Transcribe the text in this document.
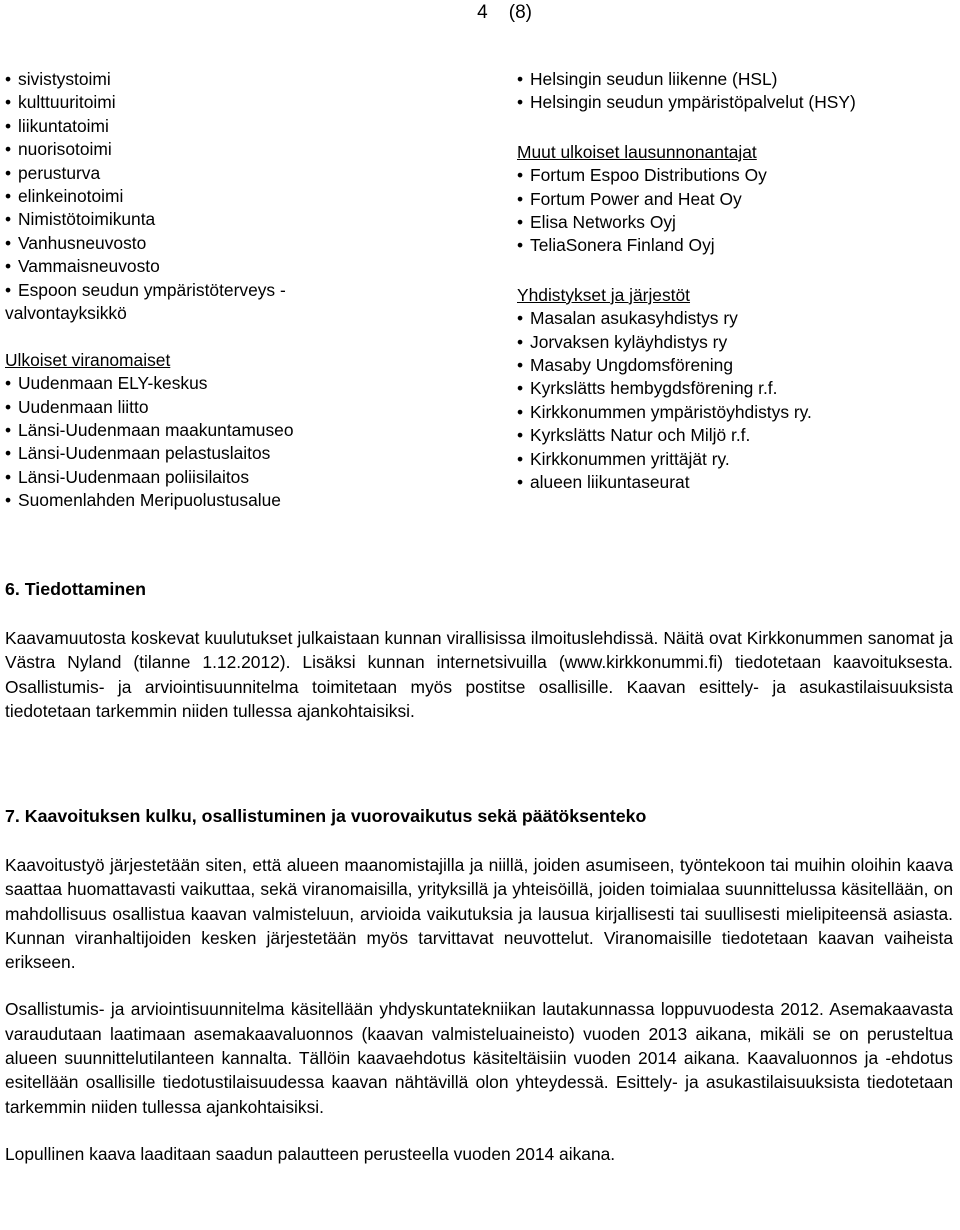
4    (8)
• sivistystoimi
• kulttuuritoimi
• liikuntatoimi
• nuorisotoimi
• perusturva
• elinkeinotoimi
• Nimistötoimikunta
• Vanhusneuvosto
• Vammaisneuvosto
• Espoon seudun ympäristöterveys -
valvontayksikkö
Ulkoiset viranomaiset
• Uudenmaan ELY-keskus
• Uudenmaan liitto
• Länsi-Uudenmaan maakuntamuseo
• Länsi-Uudenmaan pelastuslaitos
• Länsi-Uudenmaan poliisilaitos
• Suomenlahden Meripuolustusalue
• Helsingin seudun liikenne (HSL)
• Helsingin seudun ympäristöpalvelut (HSY)
Muut ulkoiset lausunnonantajat
• Fortum Espoo Distributions Oy
• Fortum Power and Heat Oy
• Elisa Networks Oyj
• TeliaSonera Finland Oyj
Yhdistykset ja järjestöt
• Masalan asukasyhdistys ry
• Jorvaksen kyläyhdistys ry
• Masaby Ungdomsförening
• Kyrkslätts hembygdsförening r.f.
• Kirkkonummen ympäristöyhdistys ry.
• Kyrkslätts Natur och Miljö r.f.
• Kirkkonummen yrittäjät ry.
• alueen liikuntaseurat
6. Tiedottaminen

Kaavamuutosta koskevat kuulutukset julkaistaan kunnan virallisissa ilmoituslehdissä. Näitä ovat Kirkkonummen sanomat ja Västra Nyland (tilanne 1.12.2012). Lisäksi kunnan internetsivuilla (www.kirkkonummi.fi) tiedotetaan kaavoituksesta. Osallistumis- ja arviointisuunnitelma toimitetaan myös postitse osallisille. Kaavan esittely- ja asukastilaisuuksista tiedotetaan tarkemmin niiden tullessa ajankohtaisiksi.

7. Kaavoituksen kulku, osallistuminen ja vuorovaikutus sekä päätöksenteko

Kaavoitustyö järjestetään siten, että alueen maanomistajilla ja niillä, joiden asumiseen, työntekoon tai muihin oloihin kaava saattaa huomattavasti vaikuttaa, sekä viranomaisilla, yrityksillä ja yhteisöillä, joiden toimialaa suunnittelussa käsitellään, on mahdollisuus osallistua kaavan valmisteluun, arvioida vaikutuksia ja lausua kirjallisesti tai suullisesti mielipiteensä asiasta. Kunnan viranhaltijoiden kesken järjestetään myös tarvittavat neuvottelut. Viranomaisille tiedotetaan kaavan vaiheista erikseen.

Osallistumis- ja arviointisuunnitelma käsitellään yhdyskuntatekniikan lautakunnassa loppuvuodesta 2012. Asemakaavasta varaudutaan laatimaan asemakaavaluonnos (kaavan valmisteluaineisto) vuoden 2013 aikana, mikäli se on perusteltua alueen suunnittelutilanteen kannalta. Tällöin kaavaehdotus käsiteltäisiin vuoden 2014 aikana. Kaavaluonnos ja -ehdotus esitellään osallisille tiedotustilaisuudessa kaavan nähtävillä olon yhteydessä. Esittely- ja asukastilaisuuksista tiedotetaan tarkemmin niiden tullessa ajankohtaisiksi.

Lopullinen kaava laaditaan saadun palautteen perusteella vuoden 2014 aikana.
